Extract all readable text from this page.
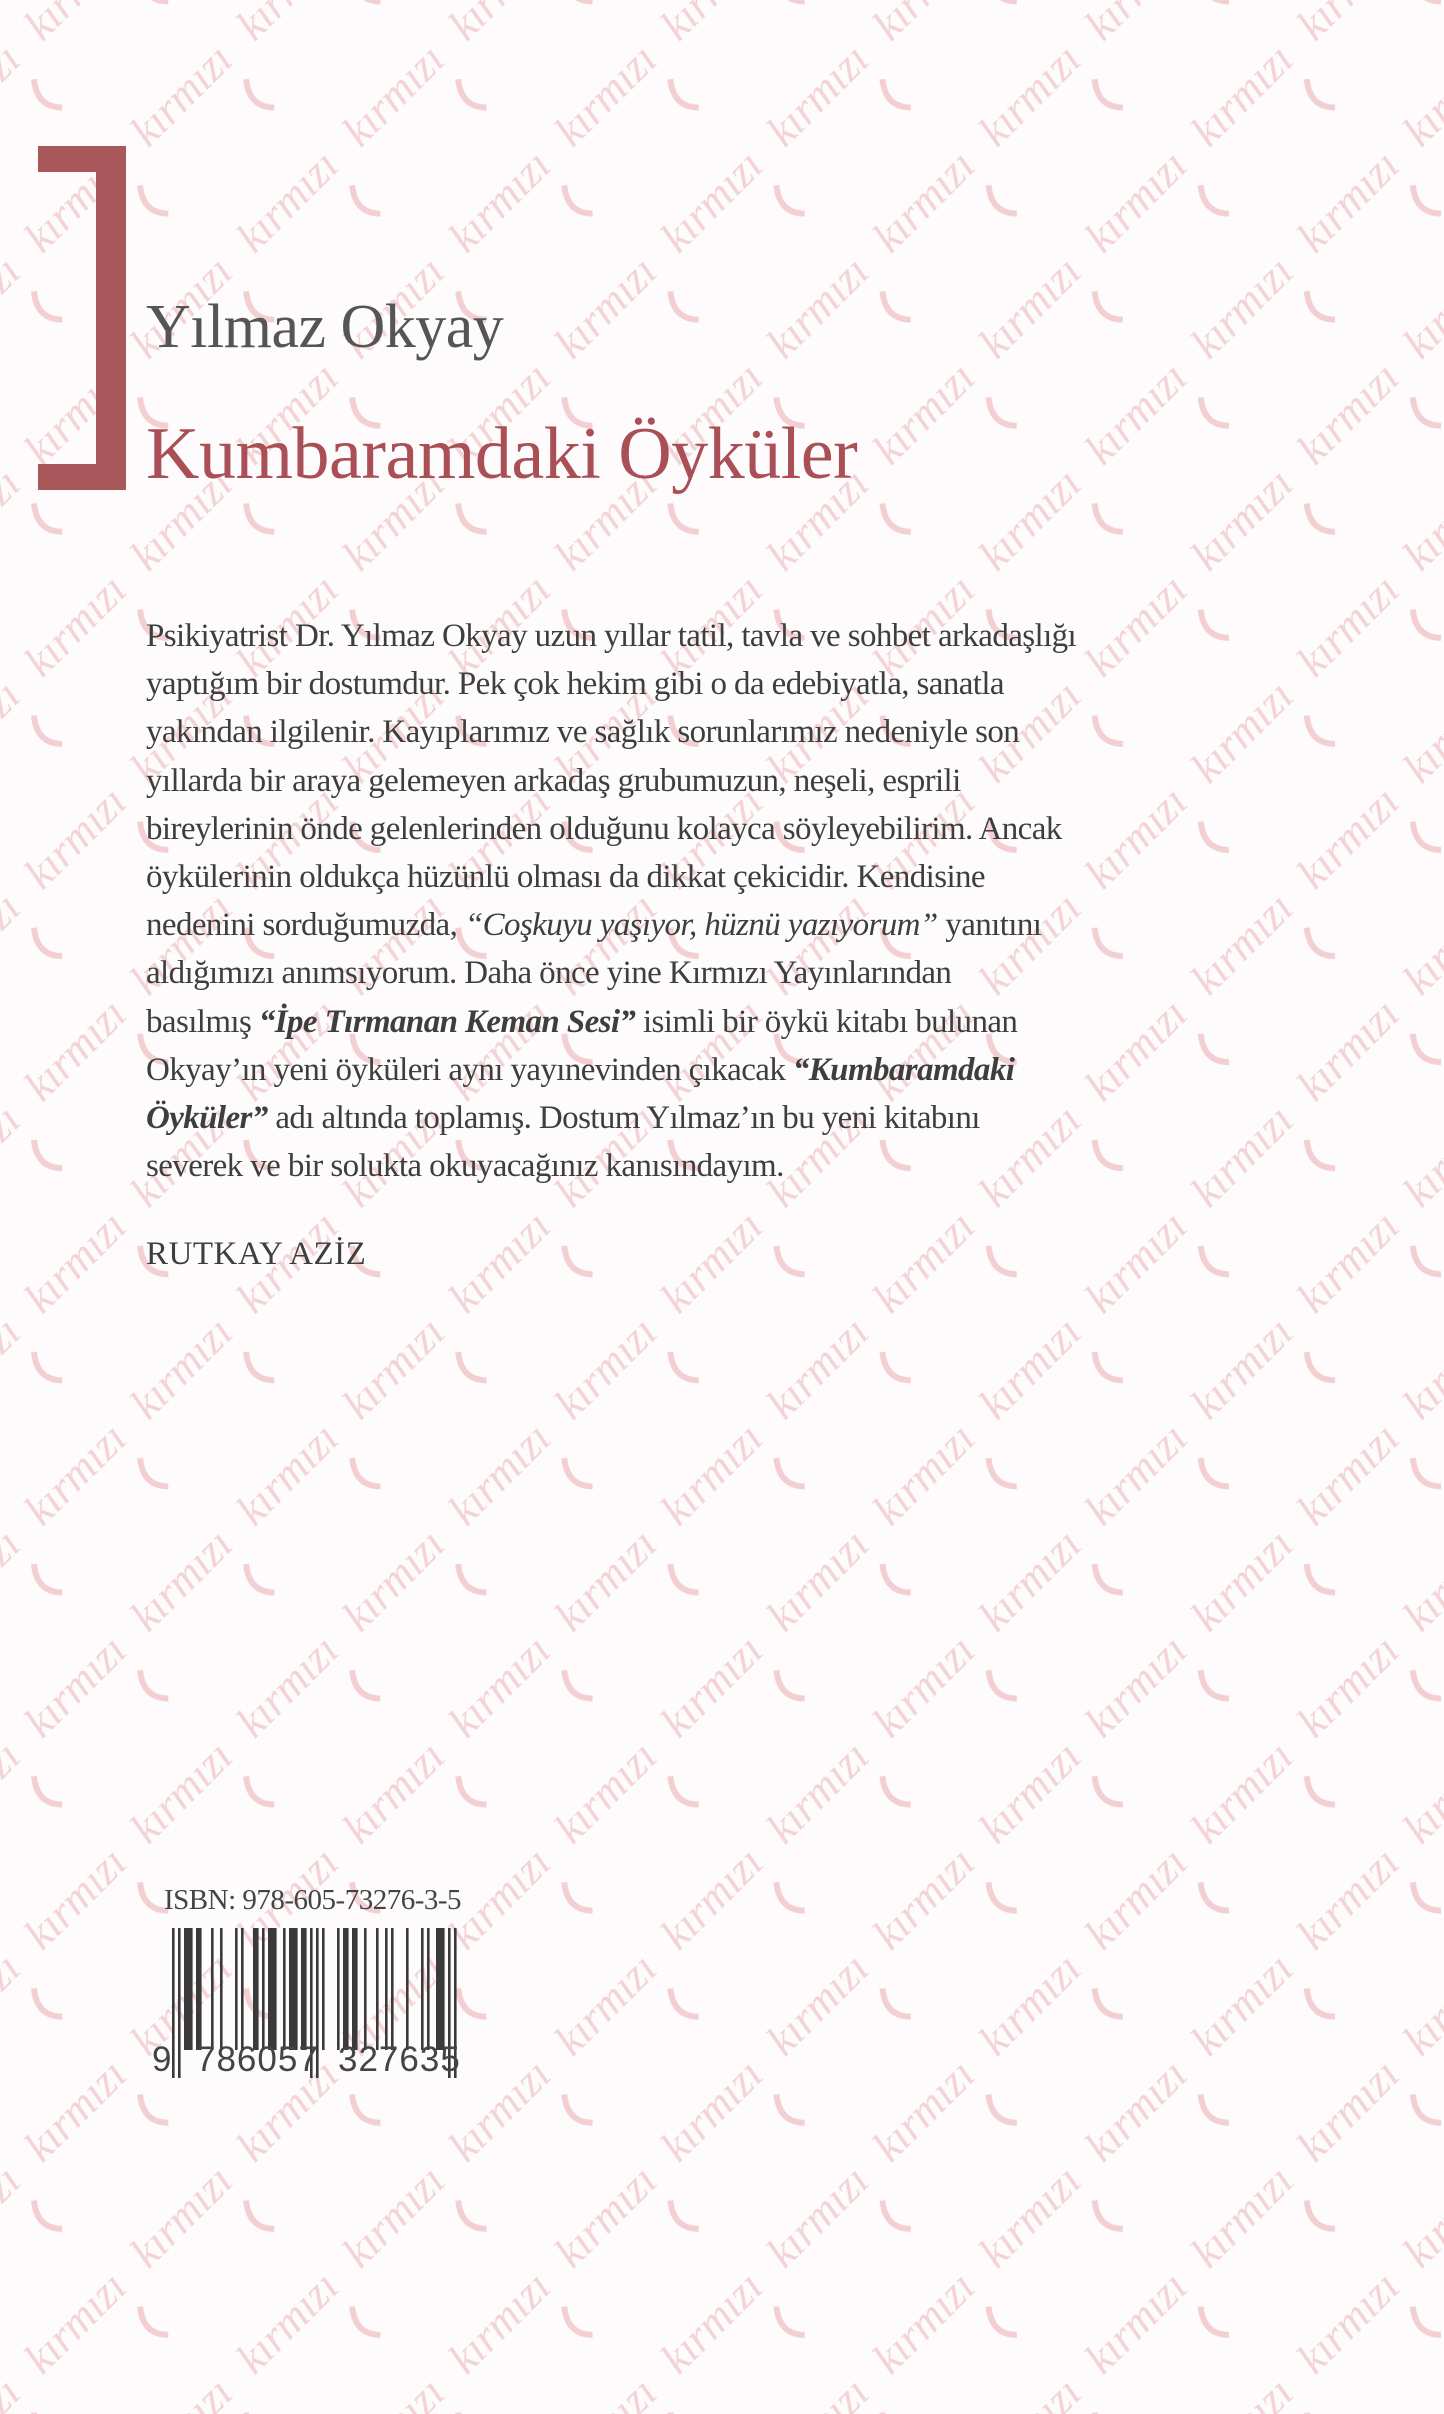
Yılmaz Okyay
Kumbaramdaki Öyküler
Psikiyatrist Dr. Yılmaz Okyay uzun yıllar tatil, tavla ve sohbet arkadaşlığı
yaptığım bir dostumdur. Pek çok hekim gibi o da edebiyatla, sanatla
yakından ilgilenir. Kayıplarımız ve sağlık sorunlarımız nedeniyle son
yıllarda bir araya gelemeyen arkadaş grubumuzun, neşeli, esprili
bireylerinin önde gelenlerinden olduğunu kolayca söyleyebilirim. Ancak
öykülerinin oldukça hüzünlü olması da dikkat çekicidir. Kendisine
nedenini sorduğumuzda, “Coşkuyu yaşıyor, hüznü yazıyorum” yanıtını
aldığımızı anımsıyorum. Daha önce yine Kırmızı Yayınlarından
basılmış “İpe Tırmanan Keman Sesi” isimli bir öykü kitabı bulunan
Okyay’ın yeni öyküleri aynı yayınevinden çıkacak “Kumbaramdaki
Öyküler” adı altında toplamış. Dostum Yılmaz’ın bu yeni kitabını
severek ve bir solukta okuyacağınız kanısındayım.
RUTKAY AZİZ
ISBN: 978-605-73276-3-5
9 786057 327635
